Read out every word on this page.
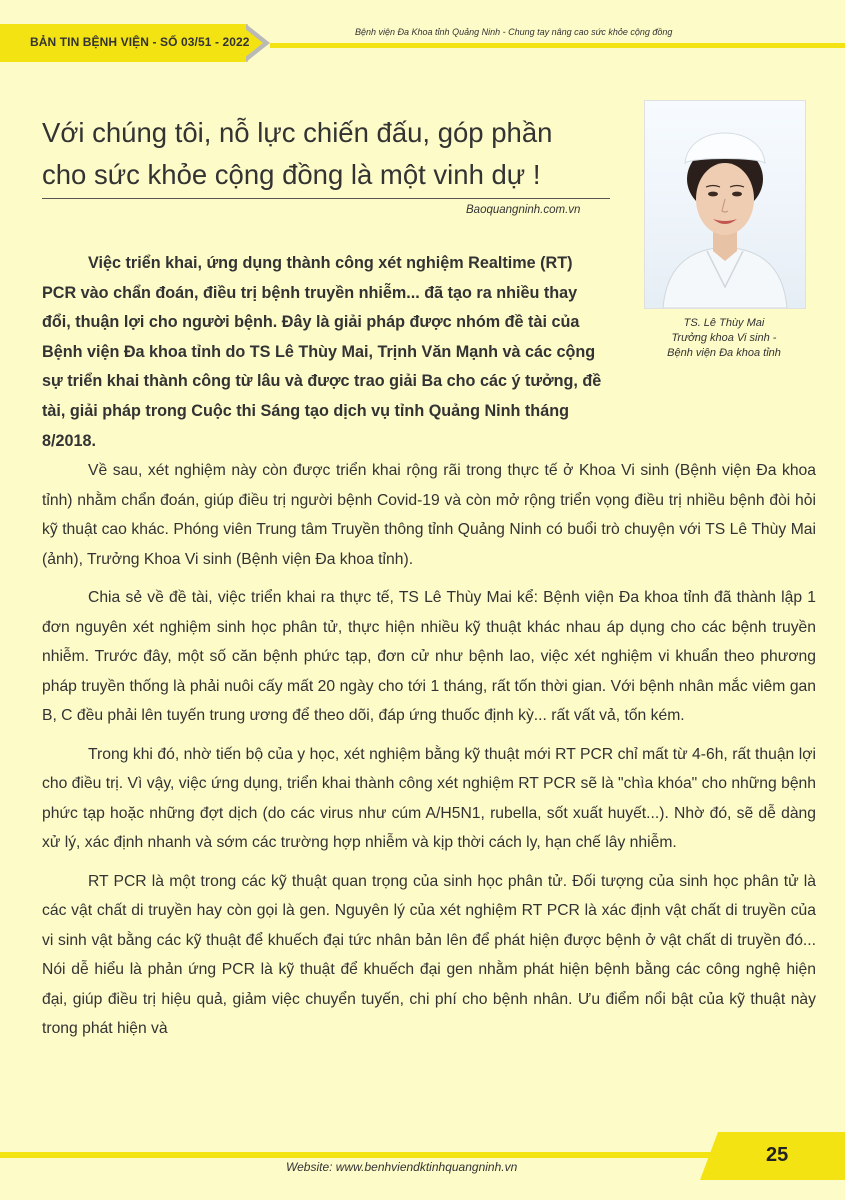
BẢN TIN BỆNH VIỆN - SỐ 03/51 - 2022
Bệnh viện Đa Khoa tỉnh Quảng Ninh - Chung tay nâng cao sức khỏe cộng đồng
Với chúng tôi, nỗ lực chiến đấu, góp phần
cho sức khỏe cộng đồng là một vinh dự !
Baoquangninh.com.vn
TS. Lê Thùy Mai
Trưởng khoa Vi sinh -
Bệnh viện Đa khoa tỉnh

Việc triển khai, ứng dụng thành công xét nghiệm Realtime (RT) PCR vào chẩn đoán, điều trị bệnh truyền nhiễm... đã tạo ra nhiều thay đổi, thuận lợi cho người bệnh. Đây là giải pháp được nhóm đề tài của Bệnh viện Đa khoa tỉnh do TS Lê Thùy Mai, Trịnh Văn Mạnh và các cộng sự triển khai thành công từ lâu và được trao giải Ba cho các ý tưởng, đề tài, giải pháp trong Cuộc thi Sáng tạo dịch vụ tỉnh Quảng Ninh tháng 8/2018.

Về sau, xét nghiệm này còn được triển khai rộng rãi trong thực tế ở Khoa Vi sinh (Bệnh viện Đa khoa tỉnh) nhằm chẩn đoán, giúp điều trị người bệnh Covid-19 và còn mở rộng triển vọng điều trị nhiều bệnh đòi hỏi kỹ thuật cao khác. Phóng viên Trung tâm Truyền thông tỉnh Quảng Ninh có buổi trò chuyện với TS Lê Thùy Mai (ảnh), Trưởng Khoa Vi sinh (Bệnh viện Đa khoa tỉnh).

Chia sẻ về đề tài, việc triển khai ra thực tế, TS Lê Thùy Mai kể: Bệnh viện Đa khoa tỉnh đã thành lập 1 đơn nguyên xét nghiệm sinh học phân tử, thực hiện nhiều kỹ thuật khác nhau áp dụng cho các bệnh truyền nhiễm. Trước đây, một số căn bệnh phức tạp, đơn cử như bệnh lao, việc xét nghiệm vi khuẩn theo phương pháp truyền thống là phải nuôi cấy mất 20 ngày cho tới 1 tháng, rất tốn thời gian. Với bệnh nhân mắc viêm gan B, C đều phải lên tuyến trung ương để theo dõi, đáp ứng thuốc định kỳ... rất vất vả, tốn kém.

Trong khi đó, nhờ tiến bộ của y học, xét nghiệm bằng kỹ thuật mới RT PCR chỉ mất từ 4-6h, rất thuận lợi cho điều trị. Vì vậy, việc ứng dụng, triển khai thành công xét nghiệm RT PCR sẽ là "chìa khóa" cho những bệnh phức tạp hoặc những đợt dịch (do các virus như cúm A/H5N1, rubella, sốt xuất huyết...). Nhờ đó, sẽ dễ dàng xử lý, xác định nhanh và sớm các trường hợp nhiễm và kịp thời cách ly, hạn chế lây nhiễm.

RT PCR là một trong các kỹ thuật quan trọng của sinh học phân tử. Đối tượng của sinh học phân tử là các vật chất di truyền hay còn gọi là gen. Nguyên lý của xét nghiệm RT PCR là xác định vật chất di truyền của vi sinh vật bằng các kỹ thuật để khuếch đại tức nhân bản lên để phát hiện được bệnh ở vật chất di truyền đó... Nói dễ hiểu là phản ứng PCR là kỹ thuật để khuếch đại gen nhằm phát hiện bệnh bằng các công nghệ hiện đại, giúp điều trị hiệu quả, giảm việc chuyển tuyến, chi phí cho bệnh nhân. Ưu điểm nổi bật của kỹ thuật này trong phát hiện và

25
Website: www.benhviendktinhquangninh.vn
